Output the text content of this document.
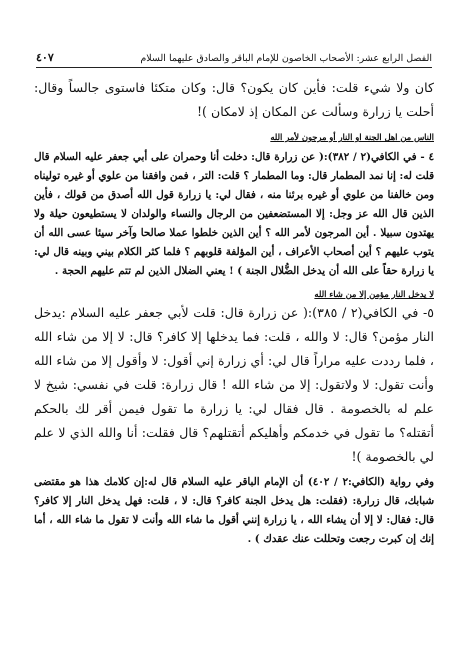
الفصل الرابع عشر: الأصحاب الخاصون للإمام الباقر والصادق عليهما السلام
٤٠٧

كان ولا شيء قلت: فأين كان يكون؟ قال: وكان متكئا فاستوى جالساً وقال: أحلت يا زرارة وسألت عن المكان إذ لامكان )!

الناس من اهل الجنة او النار أو مرجون لأمر الله

٤ - في الكافي(٢ / ٣٨٢):( عن زرارة قال: دخلت أنا وحمران على أبي جعفر عليه السلام قال قلت له: إنا نمد المطمار قال: وما المطمار ؟ قلت: التر ، فمن وافقنا من علوي أو غيره توليناه ومن خالفنا من علوي أو غيره برئنا منه ، فقال لي: يا زرارة قول الله أصدق من قولك ، فأين الذين قال الله عز وجل: إلا المستضعفين من الرجال والنساء والولدان لا يستطيعون حيلة ولا يهتدون سبيلا . أين المرجون لأمر الله ؟ أين الذين خلطوا عملا صالحا وآخر سيئا عسى الله أن يتوب عليهم ؟ أين أصحاب الأعراف ، أين المؤلفة قلوبهم ؟ فلما كثر الكلام بيني وبينه قال لي: يا زرارة حقاً على الله أن يدخل الضُّلال الجنة ) ! يعني الضلال الذين لم تتم عليهم الحجة .

لا يدخل النار مؤمن إلا من شاء الله

٥- في الكافي(٢ / ٣٨٥):( عن زرارة قال: قلت لأبي جعفر عليه السلام :يدخل النار مؤمن؟ قال: لا والله ، قلت: فما يدخلها إلا كافر؟ قال: لا إلا من شاء الله ، فلما رددت عليه مراراً قال لي: أي زرارة إني أقول: لا وأقول إلا من شاء الله وأنت تقول: لا ولاتقول: إلا من شاء الله ! قال زرارة: قلت في نفسي: شيخ لا علم له بالخصومة . قال فقال لي: يا زرارة ما تقول فيمن أقر لك بالحكم أتقتله؟ ما تقول في خدمكم وأهليكم أتقتلهم؟ قال فقلت: أنا والله الذي لا علم لي بالخصومة )!

وفي رواية (الكافي:٢ / ٤٠٢) أن الإمام الباقر عليه السلام قال له:إن كلامك هذا هو مقتضى شبابك، قال زرارة: (فقلت: هل يدخل الجنة كافر؟ قال: لا ، قلت: فهل يدخل النار إلا كافر؟ قال: فقال: لا إلا أن يشاء الله ، يا زرارة إنني أقول ما شاء الله وأنت لا تقول ما شاء الله ، أما إنك إن كبرت رجعت وتحللت عنك عقدك ) .
